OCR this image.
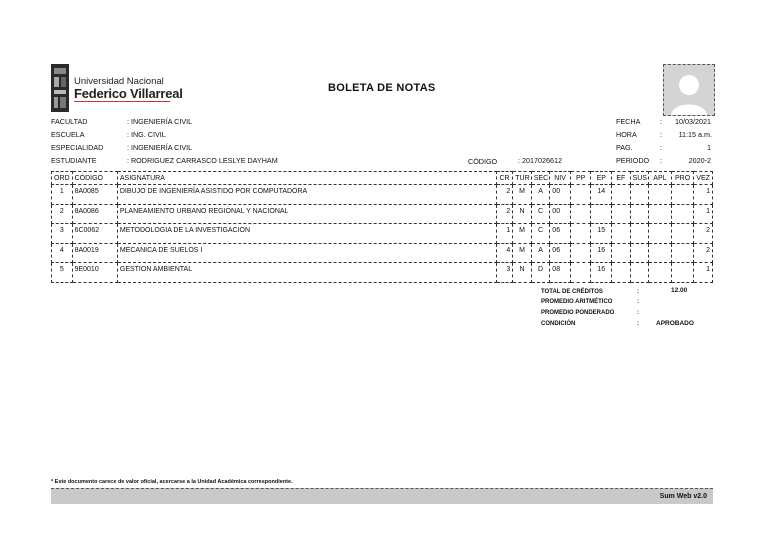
Universidad Nacional
Federico Villarreal	BOLETA DE NOTAS
FACULTAD	: INGENIERÍA CIVIL
ESCUELA	: ING. CIVIL
ESPECIALIDAD	: INGENIERÍA CIVIL
ESTUDIANTE	: RODRIGUEZ CARRASCO LESLYE DAYHAM	CÓDIGO	: 2017026612
FECHA	: 10/03/2021
HORA	: 11:15 a.m.
PAG.	:	1
PERIODO :	2020-2
ORD	CÓDIGO	ASIGNATURA	CR	TUR	SEC	NIV	PP	EP	EF	SUS	APL	PRO	VEZ
1	8A0085	DIBUJO DE INGENIERÍA ASISTIDO POR COMPUTADORA	2	M	A	00		14					1
2	8A0086	PLANEAMIENTO URBANO REGIONAL Y NACIONAL	2	N	C	00							1
3	6C0062	METODOLOGIA DE LA INVESTIGACION	1	M	C	06		15					2
4	8A0019	MECANICA DE SUELOS I	4	M	A	06		16					2
5	9E0010	GESTION AMBIENTAL	3	N	D	08		16					1
TOTAL DE CRÉDITOS	:	12.00
PROMEDIO ARITMÉTICO	:
PROMEDIO PONDERADO	:
CONDICIÓN	:	APROBADO
* Este documento carece de valor oficial, acercarse a la Unidad Académica correspondiente.
Sum Web v2.0
